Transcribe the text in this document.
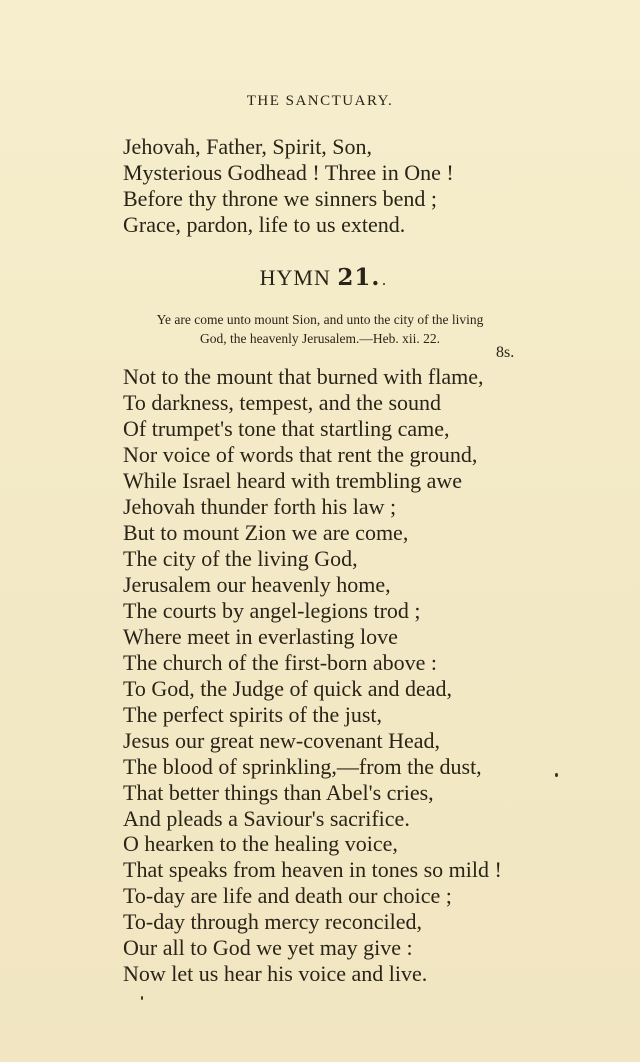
THE SANCTUARY.
Jehovah, Father, Spirit, Son,
Mysterious Godhead ! Three in One !
Before thy throne we sinners bend ;
Grace, pardon, life to us extend.
HYMN 21.
Ye are come unto mount Sion, and unto the city of the living
God, the heavenly Jerusalem.—Heb. xii. 22.
8s.
Not to the mount that burned with flame,
To darkness, tempest, and the sound
Of trumpet's tone that startling came,
Nor voice of words that rent the ground,
While Israel heard with trembling awe
Jehovah thunder forth his law ;
But to mount Zion we are come,
The city of the living God,
Jerusalem our heavenly home,
The courts by angel-legions trod ;
Where meet in everlasting love
The church of the first-born above :
To God, the Judge of quick and dead,
The perfect spirits of the just,
Jesus our great new-covenant Head,
The blood of sprinkling,—from the dust,
That better things than Abel's cries,
And pleads a Saviour's sacrifice.
O hearken to the healing voice,
That speaks from heaven in tones so mild !
To-day are life and death our choice ;
To-day through mercy reconciled,
Our all to God we yet may give :
Now let us hear his voice and live.
